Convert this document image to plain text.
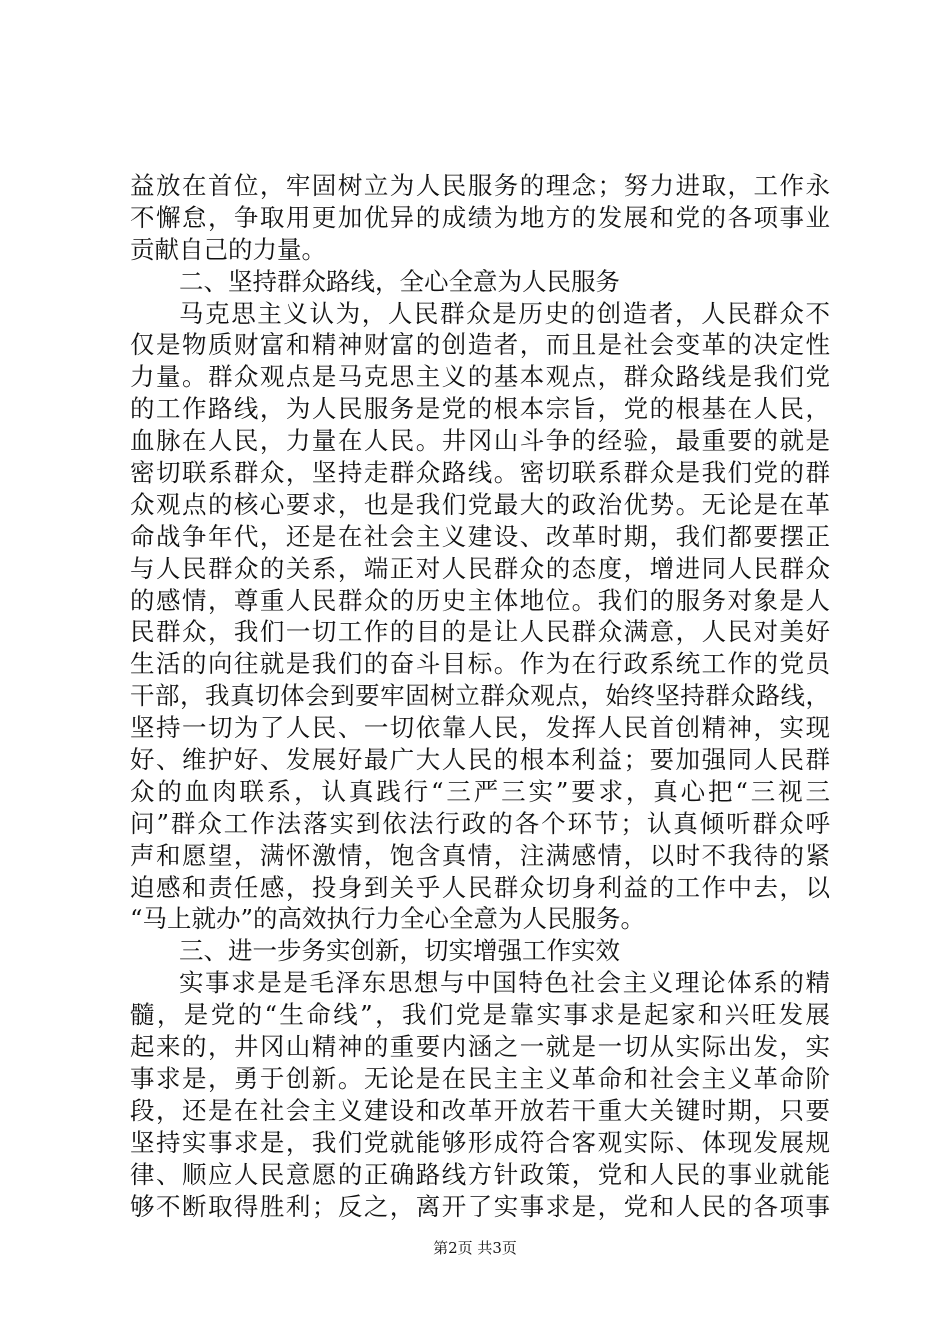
益放在首位，牢固树立为人民服务的理念；努力进取，工作永
不懈怠，争取用更加优异的成绩为地方的发展和党的各项事业
贡献自己的力量。
二、坚持群众路线，全心全意为人民服务
马克思主义认为，人民群众是历史的创造者，人民群众不
仅是物质财富和精神财富的创造者，而且是社会变革的决定性
力量。群众观点是马克思主义的基本观点，群众路线是我们党
的工作路线，为人民服务是党的根本宗旨，党的根基在人民，
血脉在人民，力量在人民。井冈山斗争的经验，最重要的就是
密切联系群众，坚持走群众路线。密切联系群众是我们党的群
众观点的核心要求，也是我们党最大的政治优势。无论是在革
命战争年代，还是在社会主义建设、改革时期，我们都要摆正
与人民群众的关系，端正对人民群众的态度，增进同人民群众
的感情，尊重人民群众的历史主体地位。我们的服务对象是人
民群众，我们一切工作的目的是让人民群众满意，人民对美好
生活的向往就是我们的奋斗目标。作为在行政系统工作的党员
干部，我真切体会到要牢固树立群众观点，始终坚持群众路线，
坚持一切为了人民、一切依靠人民，发挥人民首创精神，实现
好、维护好、发展好最广大人民的根本利益；要加强同人民群
众的血肉联系，认真践行“三严三实”要求，真心把“三视三
问”群众工作法落实到依法行政的各个环节；认真倾听群众呼
声和愿望，满怀激情，饱含真情，注满感情，以时不我待的紧
迫感和责任感，投身到关乎人民群众切身利益的工作中去，以
“马上就办”的高效执行力全心全意为人民服务。
三、进一步务实创新，切实增强工作实效
实事求是是毛泽东思想与中国特色社会主义理论体系的精
髓，是党的“生命线”，我们党是靠实事求是起家和兴旺发展
起来的，井冈山精神的重要内涵之一就是一切从实际出发，实
事求是，勇于创新。无论是在民主主义革命和社会主义革命阶
段，还是在社会主义建设和改革开放若干重大关键时期，只要
坚持实事求是，我们党就能够形成符合客观实际、体现发展规
律、顺应人民意愿的正确路线方针政策，党和人民的事业就能
够不断取得胜利；反之，离开了实事求是，党和人民的各项事
第2页 共3页
